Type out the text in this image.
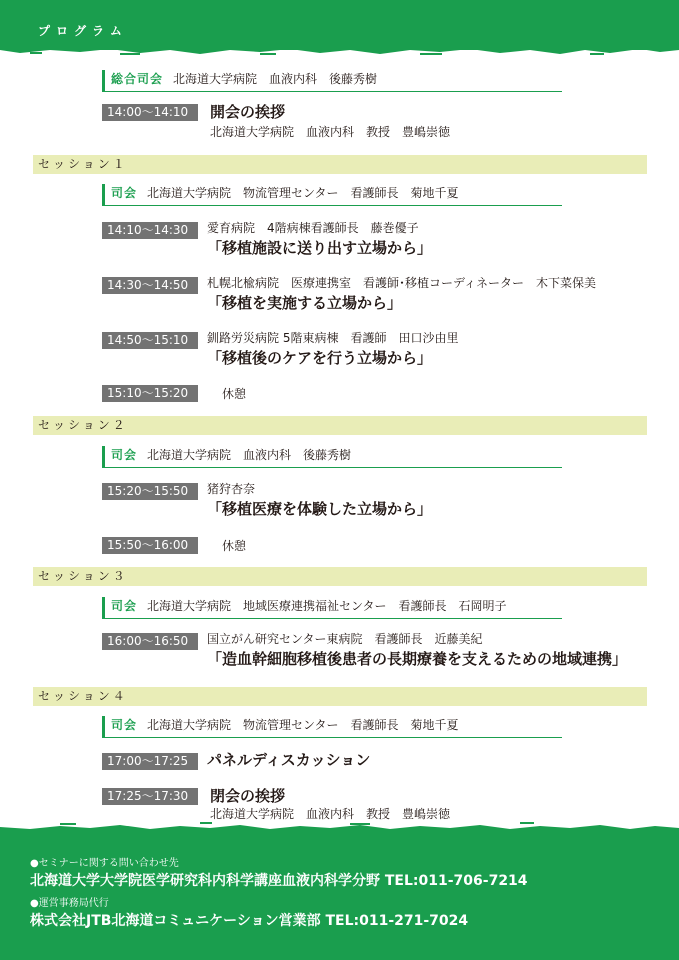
プログラム
総合司会 北海道大学病院　血液内科　後藤秀樹
14:00〜14:10	開会の挨拶
北海道大学病院　血液内科　教授　豊嶋崇徳
セッション１
司会 北海道大学病院　物流管理センター　看護師長　菊地千夏
14:10〜14:30	愛育病院　4階病棟看護師長　藤巻優子
「移植施設に送り出す立場から」
14:30〜14:50	札幌北楡病院　医療連携室　看護師･移植コーディネーター　木下菜保美
「移植を実施する立場から」
14:50〜15:10	釧路労災病院 5階東病棟　看護師　田口沙由里
「移植後のケアを行う立場から」
15:10〜15:20	休憩
セッション２
司会 北海道大学病院　血液内科　後藤秀樹
15:20〜15:50	猪狩杏奈
「移植医療を体験した立場から」
15:50〜16:00	休憩
セッション３
司会 北海道大学病院　地域医療連携福祉センター　看護師長　石岡明子
16:00〜16:50	国立がん研究センター東病院　看護師長　近藤美紀
「造血幹細胞移植後患者の長期療養を支えるための地域連携」
セッション４
司会 北海道大学病院　物流管理センター　看護師長　菊地千夏
17:00〜17:25	パネルディスカッション
17:25〜17:30	閉会の挨拶
北海道大学病院　血液内科　教授　豊嶋崇徳
●セミナーに関する問い合わせ先
北海道大学大学院医学研究科内科学講座血液内科学分野 TEL:011-706-7214
●運営事務局代行
株式会社JTB北海道コミュニケーション営業部 TEL:011-271-7024
